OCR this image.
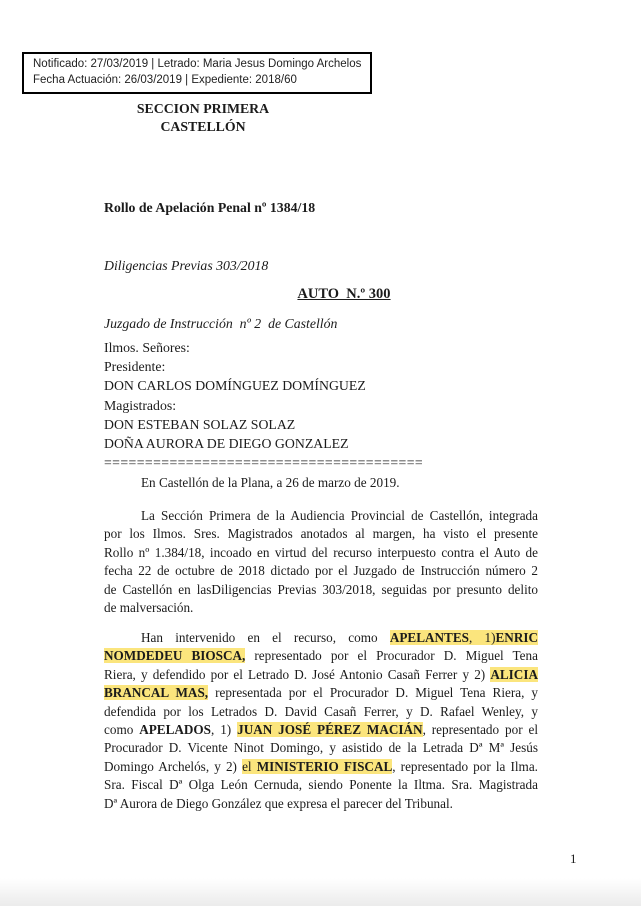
SECCION PRIMERA
CASTELLÓN
Notificado: 27/03/2019 | Letrado: Maria Jesus Domingo Archelos
Fecha Actuación: 26/03/2019 | Expediente: 2018/60

Rollo de Apelación Penal nº 1384/18

Diligencias Previas 303/2018

Juzgado de Instrucción  nº 2  de Castellón

AUTO  N.º 300
Ilmos. Señores:
Presidente:
DON CARLOS DOMÍNGUEZ DOMÍNGUEZ
Magistrados:
DON ESTEBAN SOLAZ SOLAZ
DOÑA AURORA DE DIEGO GONZALEZ
=======================================
En Castellón de la Plana, a 26 de marzo de 2019.
La Sección Primera de la Audiencia Provincial de Castellón, integrada
por los Ilmos. Sres. Magistrados anotados al margen, ha visto el presente
Rollo nº 1.384/18, incoado en virtud del recurso interpuesto contra el Auto de
fecha 22 de octubre de 2018 dictado por el Juzgado de Instrucción número 2
de Castellón en lasDiligencias Previas 303/2018, seguidas por presunto delito
de malversación.
Han intervenido en el recurso, como APELANTES, 1)ENRIC
NOMDEDEU BIOSCA, representado por el Procurador D. Miguel Tena
Riera, y defendido por el Letrado D. José Antonio Casañ Ferrer y 2) ALICIA
BRANCAL MAS, representada por el Procurador D. Miguel Tena Riera, y
defendida por los Letrados D. David Casañ Ferrer, y D. Rafael Wenley, y
como APELADOS, 1) JUAN JOSÉ PÉREZ MACIÁN, representado por el
Procurador D. Vicente Ninot Domingo, y asistido de la Letrada Dª Mª Jesús
Domingo Archelós, y 2) el MINISTERIO FISCAL, representado por la Ilma.
Sra. Fiscal Dª Olga León Cernuda, siendo Ponente la Iltma. Sra. Magistrada
Dª Aurora de Diego González que expresa el parecer del Tribunal.
1
